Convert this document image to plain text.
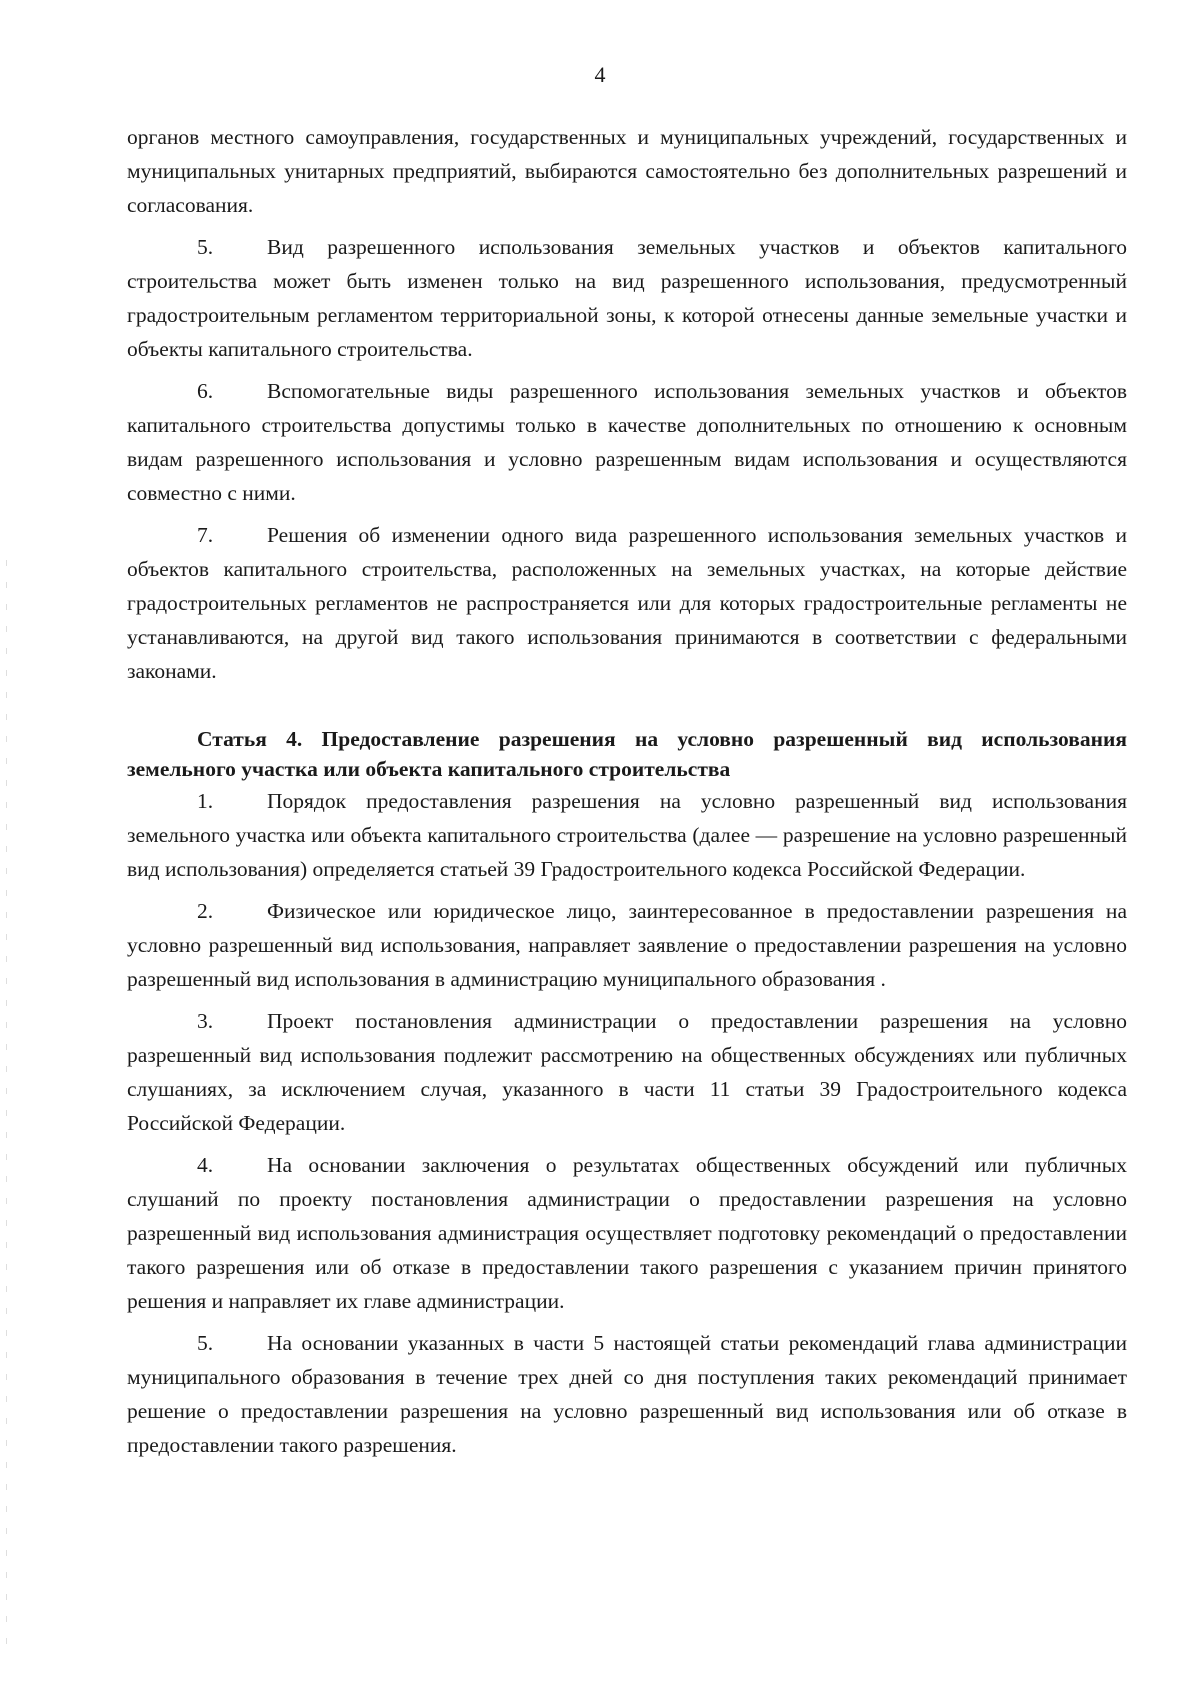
4

органов местного самоуправления, государственных и муниципальных учреждений, государственных и муниципальных унитарных предприятий, выбираются самостоятельно без дополнительных разрешений и согласования.

5.	Вид разрешенного использования земельных участков и объектов капитального строительства может быть изменен только на вид разрешенного использования, предусмотренный градостроительным регламентом территориальной зоны, к которой отнесены данные земельные участки и объекты капитального строительства.

6.	Вспомогательные виды разрешенного использования земельных участков и объектов капитального строительства допустимы только в качестве дополнительных по отношению к основным видам разрешенного использования и условно разрешенным видам использования и осуществляются совместно с ними.

7.	Решения об изменении одного вида разрешенного использования земельных участков и объектов капитального строительства, расположенных на земельных участках, на которые действие градостроительных регламентов не распространяется или для которых градостроительные регламенты не устанавливаются, на другой вид такого использования принимаются в соответствии с федеральными законами.

Статья 4. Предоставление разрешения на условно разрешенный вид использования земельного участка или объекта капитального строительства

1.	Порядок предоставления разрешения на условно разрешенный вид использования земельного участка или объекта капитального строительства (далее — разрешение на условно разрешенный вид использования) определяется статьей 39 Градостроительного кодекса Российской Федерации.

2.	Физическое или юридическое лицо, заинтересованное в предоставлении разрешения на условно разрешенный вид использования, направляет заявление о предоставлении разрешения на условно разрешенный вид использования в администрацию муниципального образования .

3.	Проект постановления администрации о предоставлении разрешения на условно разрешенный вид использования подлежит рассмотрению на общественных обсуждениях или публичных слушаниях, за исключением случая, указанного в части 11 статьи 39 Градостроительного кодекса Российской Федерации.

4.	На основании заключения о результатах общественных обсуждений или публичных слушаний по проекту постановления администрации о предоставлении разрешения на условно разрешенный вид использования администрация осуществляет подготовку рекомендаций о предоставлении такого разрешения или об отказе в предоставлении такого разрешения с указанием причин принятого решения и направляет их главе администрации.

5.	На основании указанных в части 5 настоящей статьи рекомендаций глава администрации муниципального образования в течение трех дней со дня поступления таких рекомендаций принимает решение о предоставлении разрешения на условно разрешенный вид использования или об отказе в предоставлении такого разрешения.
